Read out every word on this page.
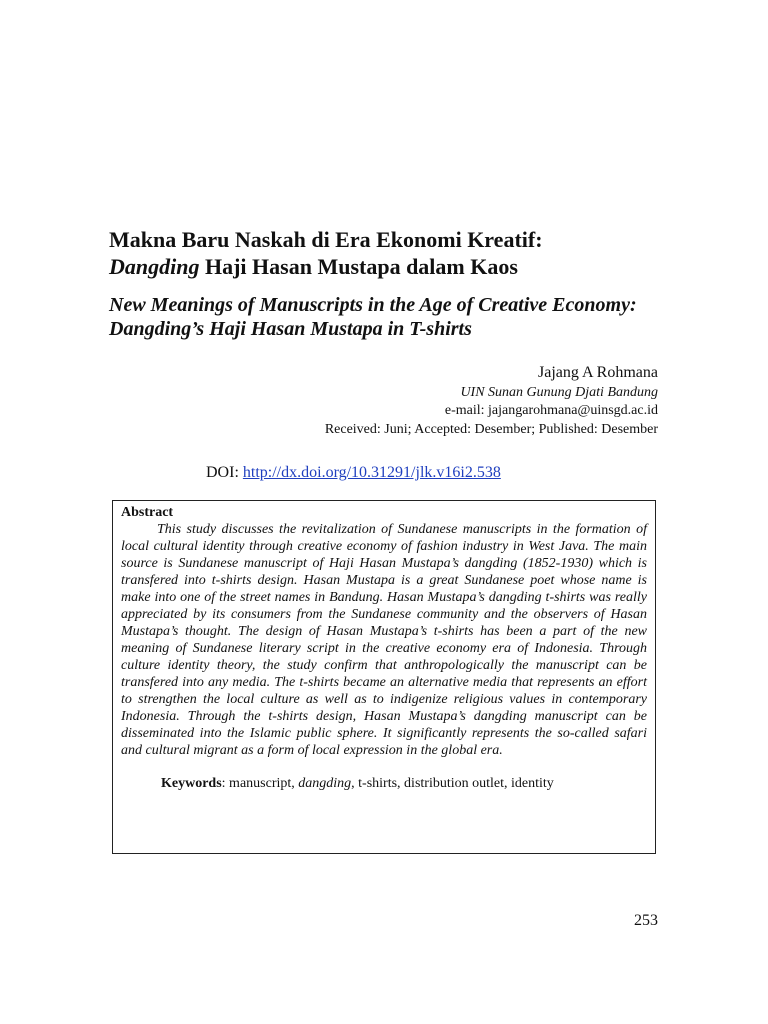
Makna Baru Naskah di Era Ekonomi Kreatif:
Dangding Haji Hasan Mustapa dalam Kaos
New Meanings of Manuscripts in the Age of Creative Economy: Dangding’s Haji Hasan Mustapa in T-shirts
Jajang A Rohmana
UIN Sunan Gunung Djati Bandung
e-mail: jajangarohmana@uinsgd.ac.id
Received: Juni; Accepted: Desember; Published: Desember
DOI: http://dx.doi.org/10.31291/jlk.v16i2.538
Abstract

This study discusses the revitalization of Sundanese manuscripts in the formation of local cultural identity through creative economy of fashion industry in West Java. The main source is Sundanese manuscript of Haji Hasan Mustapa’s dangding (1852-1930) which is transfered into t-shirts design. Hasan Mustapa is a great Sundanese poet whose name is make into one of the street names in Bandung. Hasan Mustapa’s dangding t-shirts was really appreciated by its consumers from the Sundanese community and the observers of Hasan Mustapa’s thought. The design of Hasan Mustapa’s t-shirts has been a part of the new meaning of Sundanese literary script in the creative economy era of Indonesia. Through culture identity theory, the study confirm that anthropologically the manuscript can be transfered into any media. The t-shirts became an alternative media that represents an effort to strengthen the local culture as well as to indigenize religious values in contemporary Indonesia. Through the t-shirts design, Hasan Mustapa’s dangding manuscript can be disseminated into the Islamic public sphere. It significantly represents the so-called safari and cultural migrant as a form of local expression in the global era.

Keywords: manuscript, dangding, t-shirts, distribution outlet, identity
253
